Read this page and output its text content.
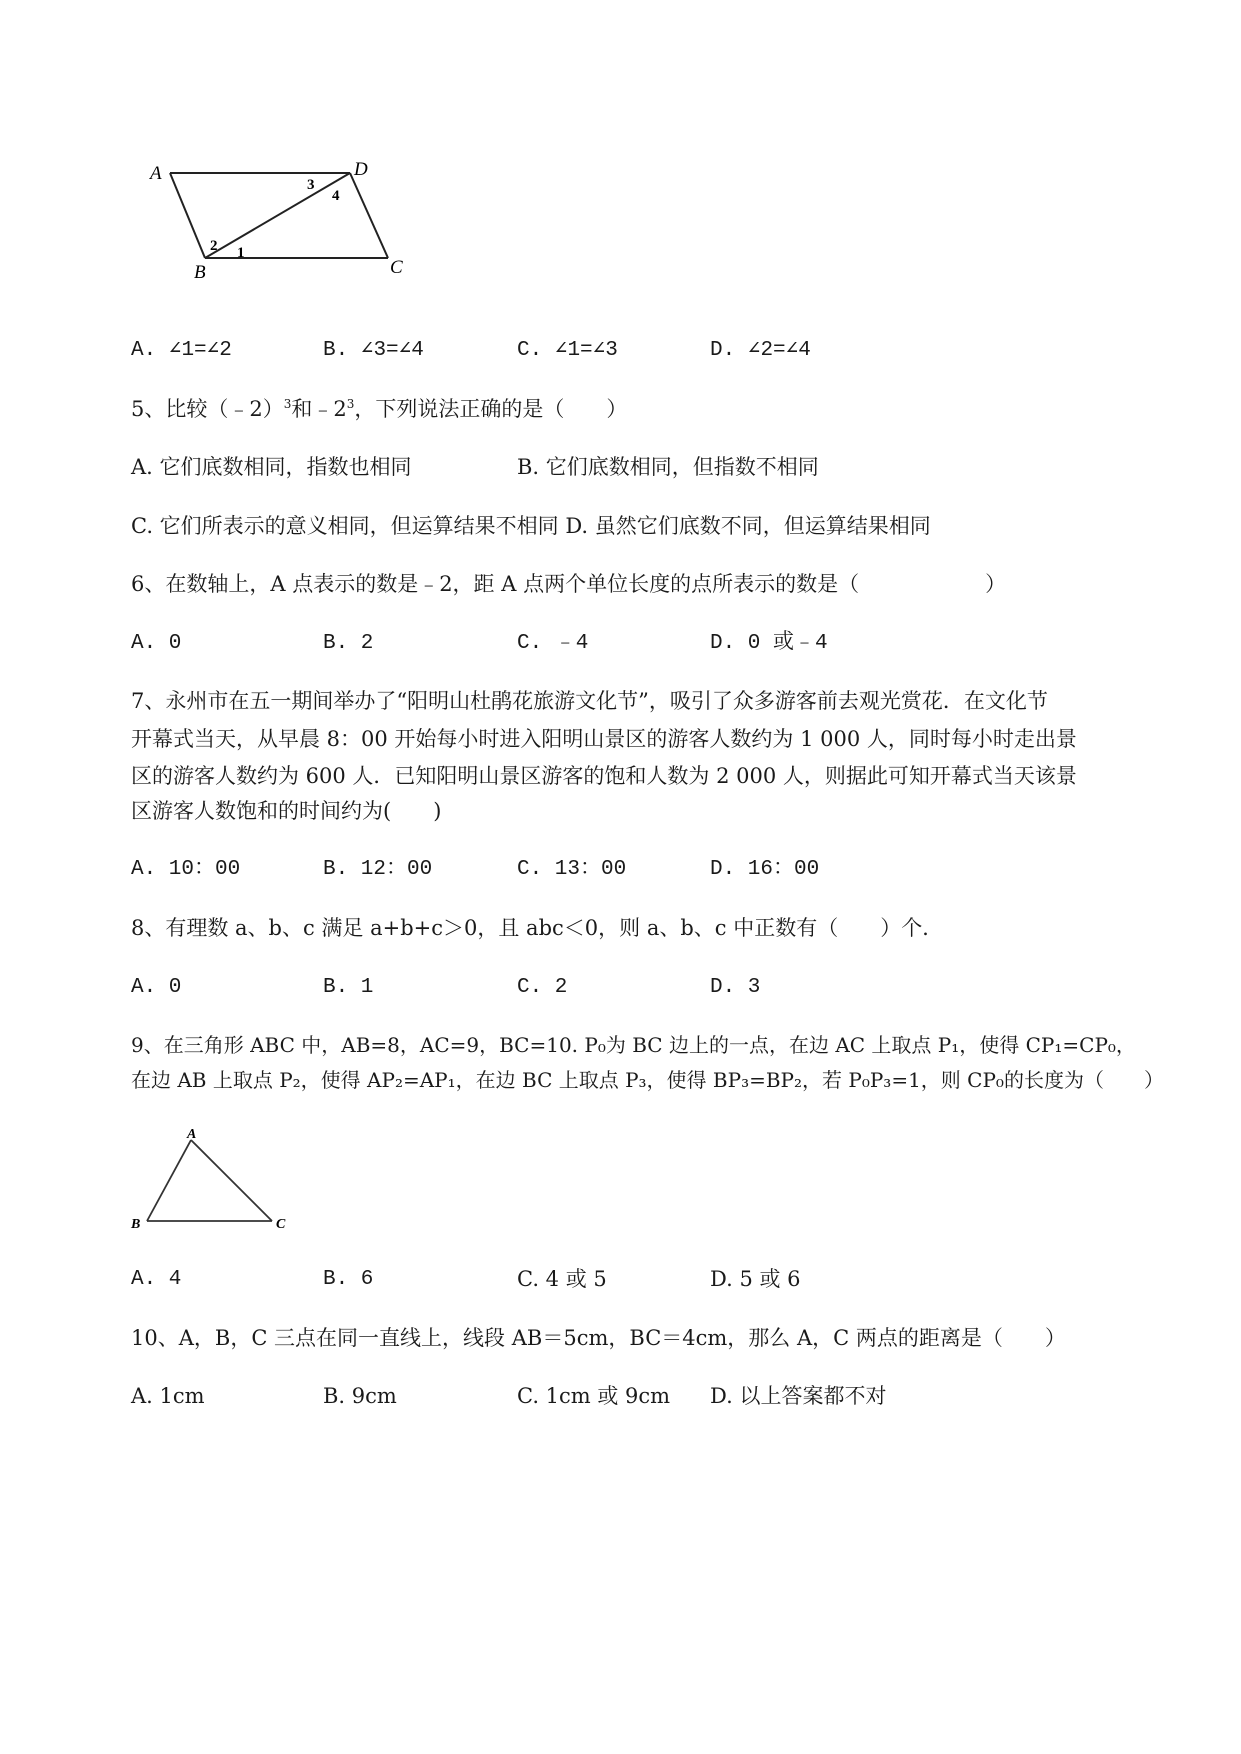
A	D
B	C
3
4
2 1
A. ∠1=∠2	B. ∠3=∠4	C. ∠1=∠3	D. ∠2=∠4
5、比较（﹣2）$^3$和$﹣2^3$，下列说法正确的是（　　）
A. 它们底数相同，指数也相同	B. 它们底数相同，但指数不相同
C. 它们所表示的意义相同，但运算结果不相同 D. 虽然它们底数不同，但运算结果相同
6、在数轴上，A 点表示的数是﹣2，距 A 点两个单位长度的点所表示的数是（　　　　　　）
A. 0	B. 2	C. ﹣4	D. 0 或﹣4
7、永州市在五一期间举办了“阳明山杜鹃花旅游文化节”，吸引了众多游客前去观光赏花．在文化节
开幕式当天，从早晨 8：00 开始每小时进入阳明山景区的游客人数约为 1 000 人，同时每小时走出景
区的游客人数约为 600 人．已知阳明山景区游客的饱和人数为 2 000 人，则据此可知开幕式当天该景
区游客人数饱和的时间约为(　　)
A. 10：00	B. 12：00	C. 13：00	D. 16：00
8、有理数 a、b、c 满足 a+b+c＞0，且 abc＜0，则 a、b、c 中正数有（　　）个．
A. 0	B. 1	C. 2	D. 3
9、在三角形 ABC 中，AB=8，AC=9，BC=10. P₀为 BC 边上的一点，在边 AC 上取点 P₁，使得 CP₁=CP₀，
在边 AB 上取点 P₂，使得 AP₂=AP₁，在边 BC 上取点 P₃，使得 BP₃=BP₂，若 P₀P₃=1，则 CP₀的长度为（　　）
A
B	C
A. 4	B. 6	C. 4 或 5	D. 5 或 6
10、A，B，C 三点在同一直线上，线段 AB＝5cm，BC＝4cm，那么 A，C 两点的距离是（　　）
A. 1cm	B. 9cm	C. 1cm 或 9cm D. 以上答案都不对
